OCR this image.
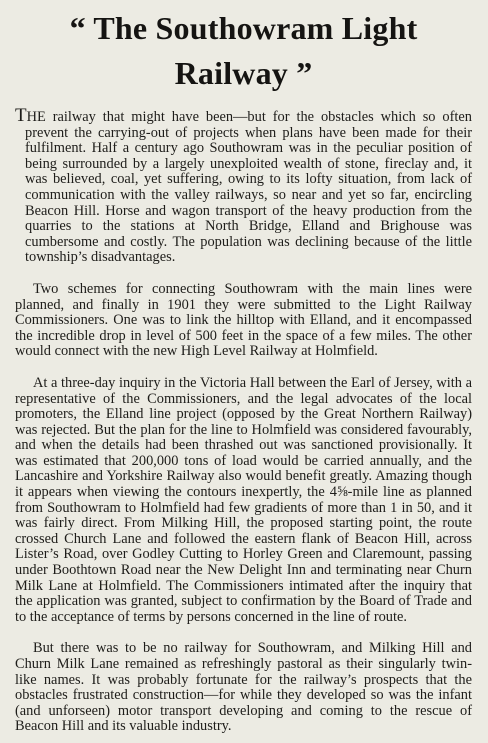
“ The Southowram Light
Railway ”

THE railway that might have been—but for the obstacles which so often prevent the carrying-out of projects when plans have been made for their fulfilment. Half a century ago Southowram was in the peculiar position of being surrounded by a largely unexploited wealth of stone, fireclay and, it was believed, coal, yet suffering, owing to its lofty situation, from lack of communication with the valley railways, so near and yet so far, encircling Beacon Hill. Horse and wagon transport of the heavy production from the quarries to the stations at North Bridge, Elland and Brighouse was cumbersome and costly. The population was declining because of the little township’s disadvantages.

Two schemes for connecting Southowram with the main lines were planned, and finally in 1901 they were submitted to the Light Railway Commissioners. One was to link the hilltop with Elland, and it encompassed the incredible drop in level of 500 feet in the space of a few miles. The other would connect with the new High Level Railway at Holmfield.

At a three-day inquiry in the Victoria Hall between the Earl of Jersey, with a representative of the Commissioners, and the legal advocates of the local promoters, the Elland line project (opposed by the Great Northern Railway) was rejected. But the plan for the line to Holmfield was considered favourably, and when the details had been thrashed out was sanctioned provisionally. It was estimated that 200,000 tons of load would be carried annually, and the Lancashire and Yorkshire Railway also would benefit greatly. Amazing though it appears when viewing the contours inexpertly, the 4⅝-mile line as planned from Southowram to Holmfield had few gradients of more than 1 in 50, and it was fairly direct. From Milking Hill, the proposed starting point, the route crossed Church Lane and followed the eastern flank of Beacon Hill, across Lister’s Road, over Godley Cutting to Horley Green and Claremount, passing under Boothtown Road near the New Delight Inn and terminating near Churn Milk Lane at Holmfield. The Commissioners intimated after the inquiry that the application was granted, subject to confirmation by the Board of Trade and to the acceptance of terms by persons concerned in the line of route.

But there was to be no railway for Southowram, and Milking Hill and Churn Milk Lane remained as refreshingly pastoral as their singularly twin-like names. It was probably fortunate for the railway’s prospects that the obstacles frustrated construction—for while they developed so was the infant (and unforseen) motor transport developing and coming to the rescue of Beacon Hill and its valuable industry.
